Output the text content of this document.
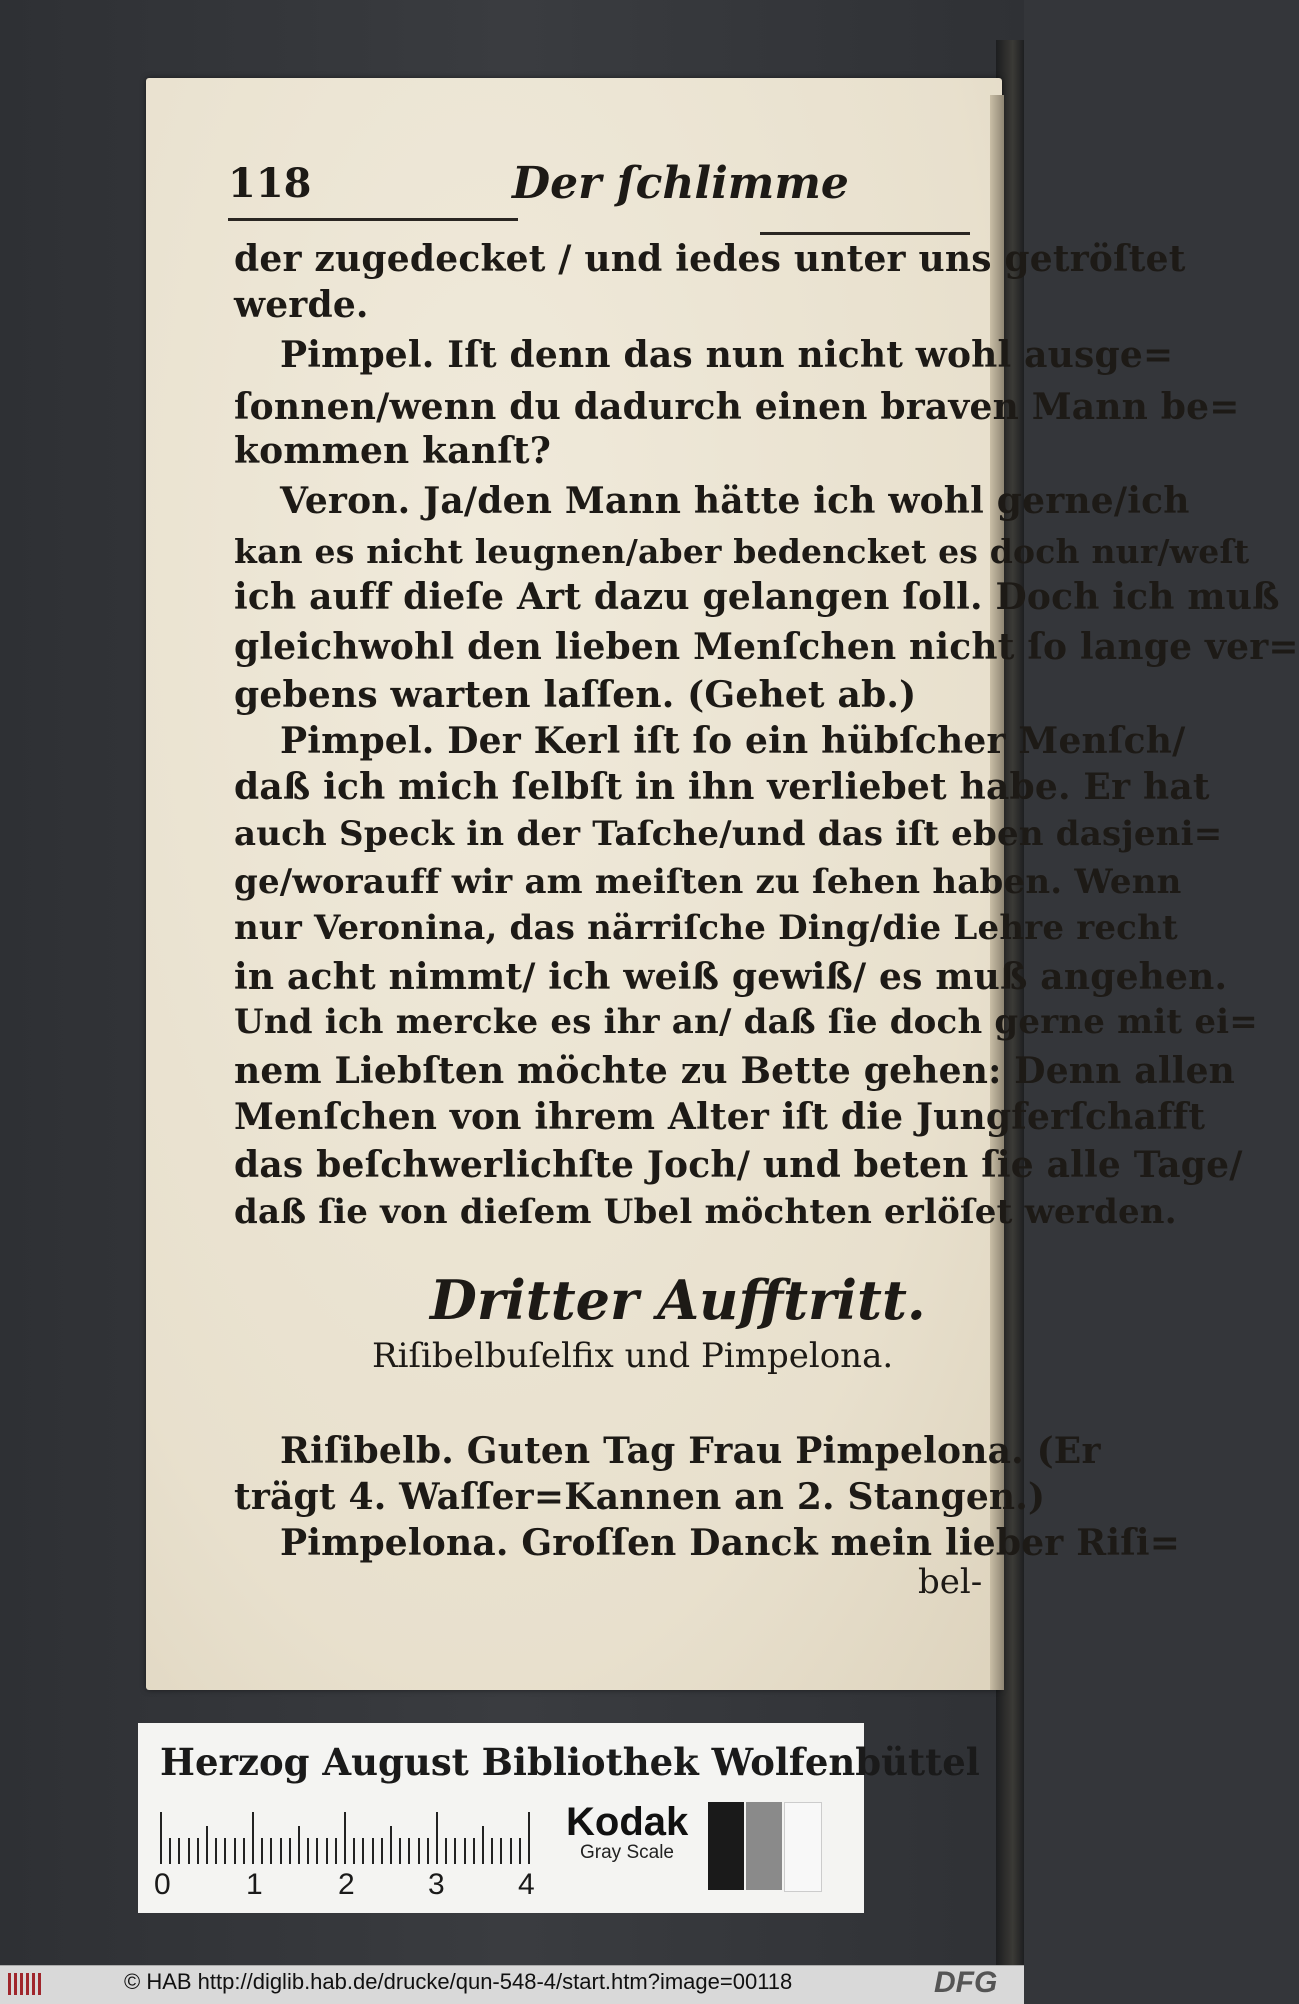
118	Der ſchlimme
der zugedecket / und iedes unter uns getröſtet
werde.
Pimpel. Iſt denn das nun nicht wohl ausge=
ſonnen/wenn du dadurch einen braven Mann be=
kommen kanſt?
Veron. Ja/den Mann hätte ich wohl gerne/ich
kan es nicht leugnen/aber bedencket es doch nur/weſt
ich auff dieſe Art dazu gelangen ſoll. Doch ich muß
gleichwohl den lieben Menſchen nicht ſo lange ver=
gebens warten laſſen. (Gehet ab.)
Pimpel. Der Kerl iſt ſo ein hübſcher Menſch/
daß ich mich ſelbſt in ihn verliebet habe. Er hat
auch Speck in der Taſche/und das iſt eben dasjeni=
ge/worauff wir am meiſten zu ſehen haben. Wenn
nur Veronina, das närriſche Ding/die Lehre recht
in acht nimmt/ ich weiß gewiß/ es muß angehen.
Und ich mercke es ihr an/ daß ſie doch gerne mit ei=
nem Liebſten möchte zu Bette gehen: Denn allen
Menſchen von ihrem Alter iſt die Jungferſchafft
das beſchwerlichſte Joch/ und beten ſie alle Tage/
daß ſie von dieſem Ubel möchten erlöſet werden.
Dritter Aufftritt.
Riſibelbuſelfix und Pimpelona.
Riſibelb. Guten Tag Frau Pimpelona. (Er
trägt 4. Waſſer=Kannen an 2. Stangen.)
Pimpelona. Groſſen Danck mein lieber Riſi=
bel-
Herzog August Bibliothek Wolfenbüttel
0	1	2 3 4
Kodak
Gray Scale
© HAB http://diglib.hab.de/drucke/qun-548-4/start.htm?image=00118	DFG
